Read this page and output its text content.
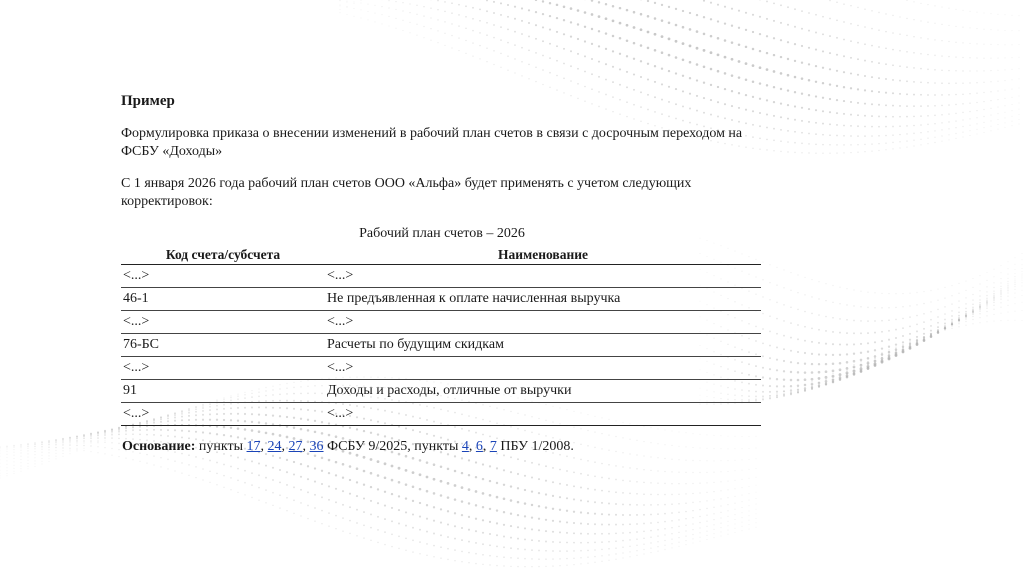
Пример
Формулировка приказа о внесении изменений в рабочий план счетов в связи с досрочным переходом на ФСБУ «Доходы»
С 1 января 2026 года рабочий план счетов ООО «Альфа» будет применять с учетом следующих корректировок:
Рабочий план счетов – 2026
Код счета/субсчета	Наименование
<...>	<...>
46-1	Не предъявленная к оплате начисленная выручка
<...>	<...>
76-БС	Расчеты по будущим скидкам
<...>	<...>
91	Доходы и расходы, отличные от выручки
<...>	<...>
Основание: пункты 17, 24, 27, 36 ФСБУ 9/2025, пункты 4, 6, 7 ПБУ 1/2008.
